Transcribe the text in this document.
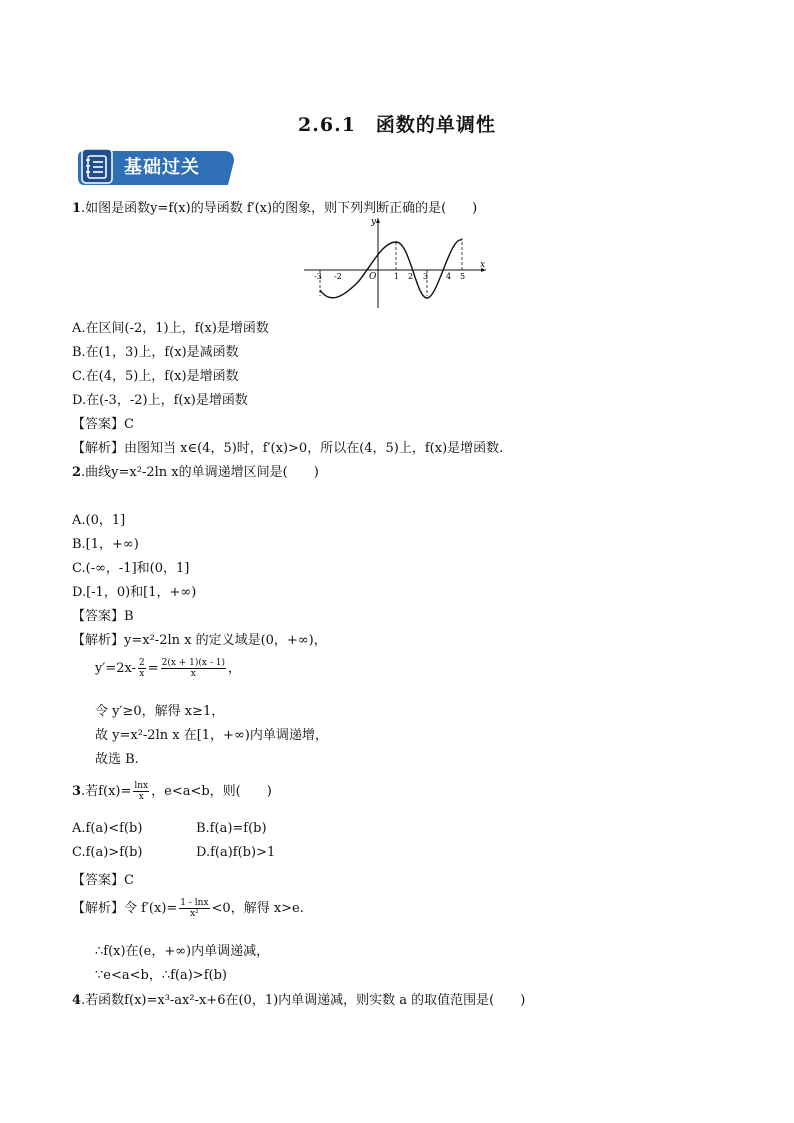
2.6.1　函数的单调性
基础过关
1.如图是函数y=f(x)的导函数 f′(x)的图象，则下列判断正确的是(　　)
y
x
O
-3 -2	1 2 3 4 5
A.在区间(-2，1)上，f(x)是增函数
B.在(1，3)上，f(x)是减函数
C.在(4，5)上，f(x)是增函数
D.在(-3，-2)上，f(x)是增函数
【答案】C
【解析】由图知当 x∈(4，5)时，f′(x)>0，所以在(4，5)上，f(x)是增函数.
2.曲线y=x²-2ln x的单调递增区间是(　　)
A.(0，1]
B.[1，+∞)
C.(-∞，-1]和(0，1]
D.[-1，0)和[1，+∞)
【答案】B
【解析】y=x²-2ln x 的定义域是(0，+∞)，
$y'=2x- \frac{2}{x} = \frac{2(x + 1)(x - 1)}{x}$ ，
令 y′≥0，解得 x≥1，
故 y=x²-2ln x 在[1，+∞)内单调递增，
故选 B.
3.若$f(x)= \frac{\ln x}{x}$ ，e<a<b，则(　　)
A.f(a)<f(b)	B.f(a)=f(b)
C.f(a)>f(b)	D.f(a)f(b)>1
【答案】C
【解析】令 $f'(x)= \frac{1 - \ln x}{\text{x²}} <0$，解得 x>e.
∴f(x)在(e，+∞)内单调递减，
∵e<a<b，∴f(a)>f(b)
4.若函数f(x)=x³-ax²-x+6在(0，1)内单调递减，则实数 a 的取值范围是(　　)
